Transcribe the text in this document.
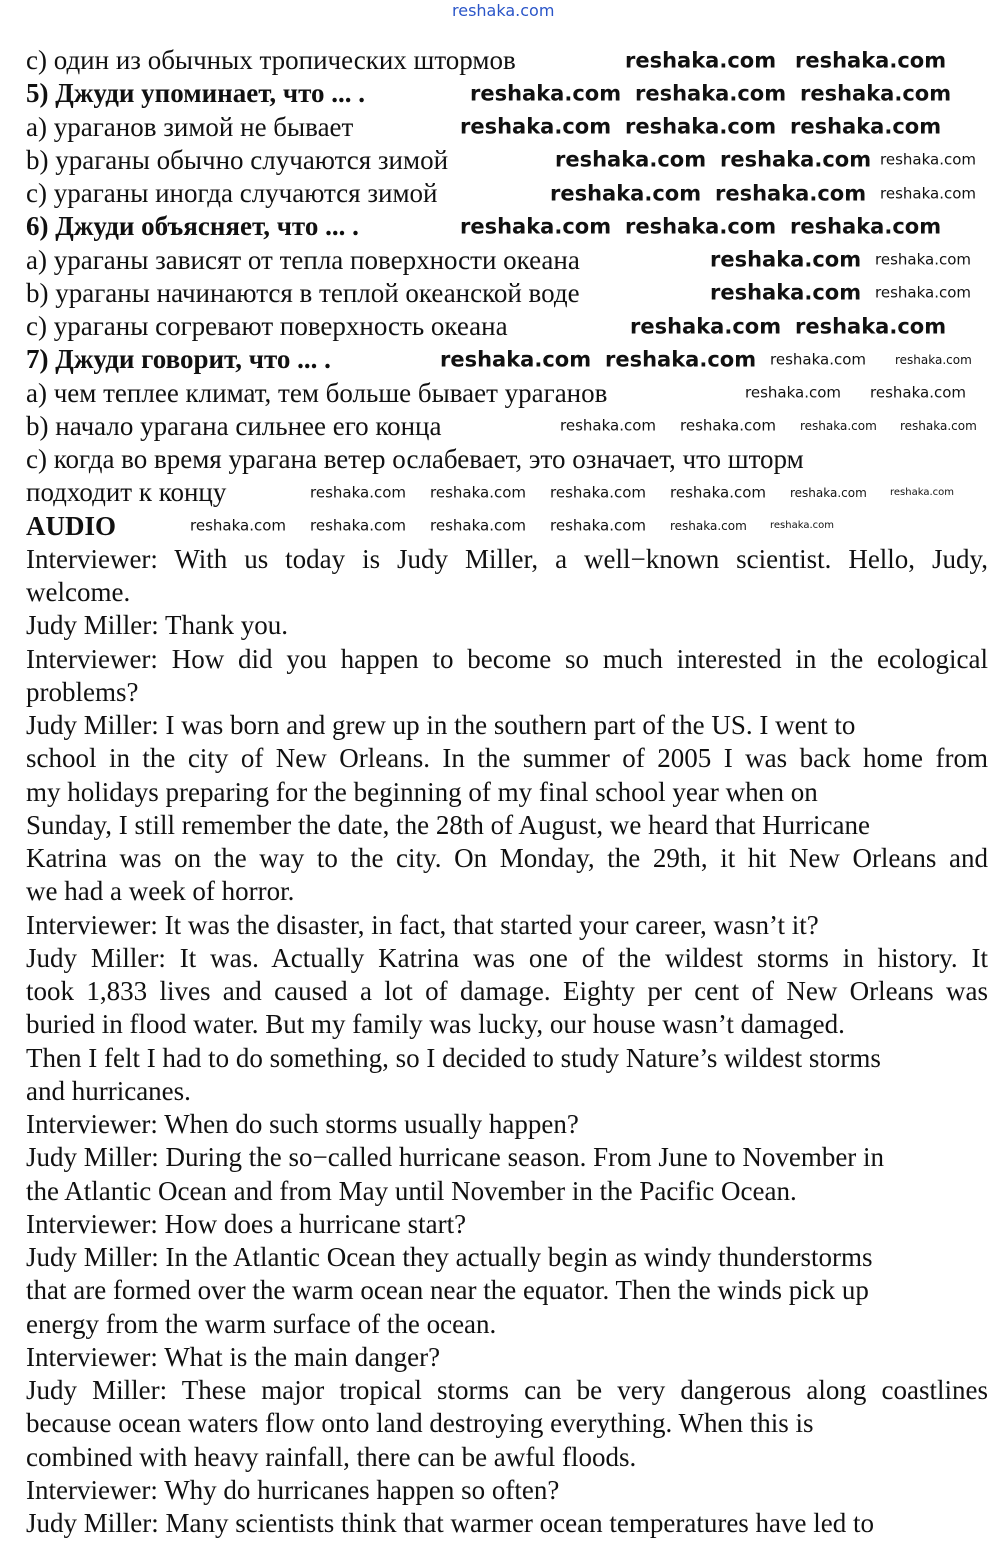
c) один из обычных тропических штормов
5) Джуди упоминает, что ... .
a) ураганов зимой не бывает
b) ураганы обычно случаются зимой
c) ураганы иногда случаются зимой
6) Джуди объясняет, что ... .
a) ураганы зависят от тепла поверхности океана
b) ураганы начинаются в теплой океанской воде
c) ураганы согревают поверхность океана
7) Джуди говорит, что ... .
a) чем теплее климат, тем больше бывает ураганов
b) начало урагана сильнее его конца
c) когда во время урагана ветер ослабевает, это означает, что шторм
подходит к концу
AUDIO
Interviewer: With us today is Judy Miller, a well−known scientist. Hello, Judy,
welcome.
Judy Miller: Thank you.
Interviewer: How did you happen to become so much interested in the ecological
problems?
Judy Miller: I was born and grew up in the southern part of the US. I went to
school in the city of New Orleans. In the summer of 2005 I was back home from
my holidays preparing for the beginning of my final school year when on
Sunday, I still remember the date, the 28th of August, we heard that Hurricane
Katrina was on the way to the city. On Monday, the 29th, it hit New Orleans and
we had a week of horror.
Interviewer: It was the disaster, in fact, that started your career, wasn’t it?
Judy Miller: It was. Actually Katrina was one of the wildest storms in history. It
took 1,833 lives and caused a lot of damage. Eighty per cent of New Orleans was
buried in flood water. But my family was lucky, our house wasn’t damaged.
Then I felt I had to do something, so I decided to study Nature’s wildest storms
and hurricanes.
Interviewer: When do such storms usually happen?
Judy Miller: During the so−called hurricane season. From June to November in
the Atlantic Ocean and from May until November in the Pacific Ocean.
Interviewer: How does a hurricane start?
Judy Miller: In the Atlantic Ocean they actually begin as windy thunderstorms
that are formed over the warm ocean near the equator. Then the winds pick up
energy from the warm surface of the ocean.
Interviewer: What is the main danger?
Judy Miller: These major tropical storms can be very dangerous along coastlines
because ocean waters flow onto land destroying everything. When this is
combined with heavy rainfall, there can be awful floods.
Interviewer: Why do hurricanes happen so often?
Judy Miller: Many scientists think that warmer ocean temperatures have led to
reshaka.com
reshaka.com reshaka.com
reshaka.com reshaka.com reshaka.com
reshaka.com reshaka.com reshaka.com
reshaka.com reshaka.com reshaka.com
reshaka.com reshaka.com reshaka.com
reshaka.com reshaka.com reshaka.com
reshaka.com reshaka.com
reshaka.com reshaka.com
reshaka.com reshaka.com
reshaka.com reshaka.com reshaka.com reshaka.com
reshaka.com reshaka.com
reshaka.com reshaka.com reshaka.com reshaka.com
reshaka.com reshaka.com reshaka.com reshaka.com reshaka.com reshaka.com
reshaka.com reshaka.com reshaka.com reshaka.com reshaka.com reshaka.com
